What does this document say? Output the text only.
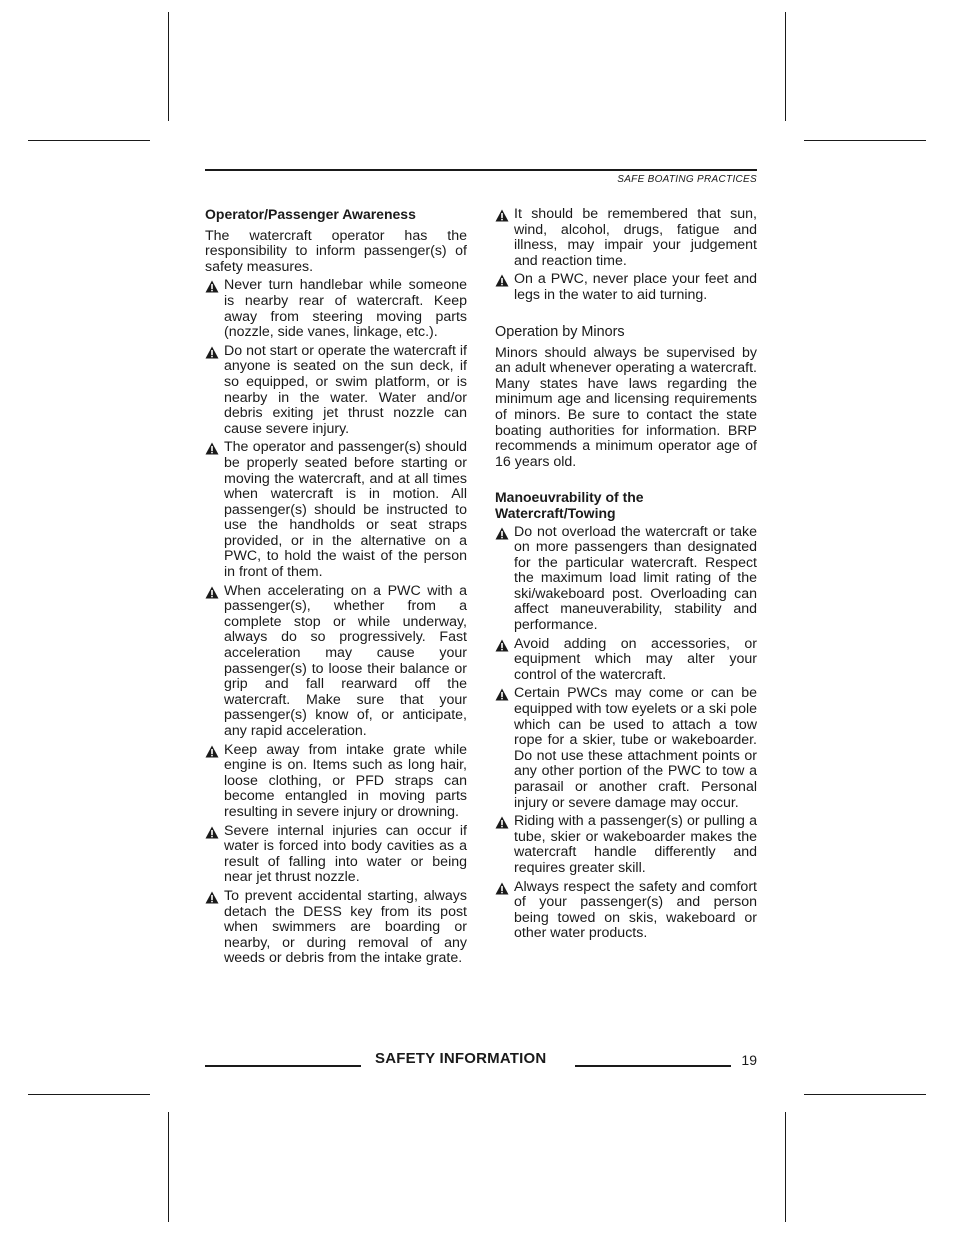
SAFE BOATING PRACTICES
Operator/Passenger Awareness

The watercraft operator has the responsibility to inform passenger(s) of safety measures.

Never turn handlebar while someone is nearby rear of watercraft. Keep away from steering moving parts (nozzle, side vanes, linkage, etc.).
Do not start or operate the watercraft if anyone is seated on the sun deck, if so equipped, or swim platform, or is nearby in the water. Water and/or debris exiting jet thrust nozzle can cause severe injury.
The operator and passenger(s) should be properly seated before starting or moving the watercraft, and at all times when watercraft is in motion. All passenger(s) should be instructed to use the handholds or seat straps provided, or in the alternative on a PWC, to hold the waist of the person in front of them.
When accelerating on a PWC with a passenger(s), whether from a complete stop or while underway, always do so progressively. Fast acceleration may cause your passenger(s) to loose their balance or grip and fall rearward off the watercraft. Make sure that your passenger(s) know of, or anticipate, any rapid acceleration.
Keep away from intake grate while engine is on. Items such as long hair, loose clothing, or PFD straps can become entangled in moving parts resulting in severe injury or drowning.
Severe internal injuries can occur if water is forced into body cavities as a result of falling into water or being near jet thrust nozzle.
To prevent accidental starting, always detach the DESS key from its post when swimmers are boarding or nearby, or during removal of any weeds or debris from the intake grate.
It should be remembered that sun, wind, alcohol, drugs, fatigue and illness, may impair your judgement and reaction time.
On a PWC, never place your feet and legs in the water to aid turning.
Operation by Minors

Minors should always be supervised by an adult whenever operating a watercraft. Many states have laws regarding the minimum age and licensing requirements of minors. Be sure to contact the state boating authorities for information. BRP recommends a minimum operator age of 16 years old.

Manoeuvrability of the Watercraft/Towing
Do not overload the watercraft or take on more passengers than designated for the particular watercraft. Respect the maximum load limit rating of the ski/wakeboard post. Overloading can affect maneuverability, stability and performance.
Avoid adding on accessories, or equipment which may alter your control of the watercraft.
Certain PWCs may come or can be equipped with tow eyelets or a ski pole which can be used to attach a tow rope for a skier, tube or wakeboarder. Do not use these attachment points or any other portion of the PWC to tow a parasail or another craft. Personal injury or severe damage may occur.
Riding with a passenger(s) or pulling a tube, skier or wakeboarder makes the watercraft handle differently and requires greater skill.
Always respect the safety and comfort of your passenger(s) and person being towed on skis, wakeboard or other water products.
SAFETY INFORMATION	19
